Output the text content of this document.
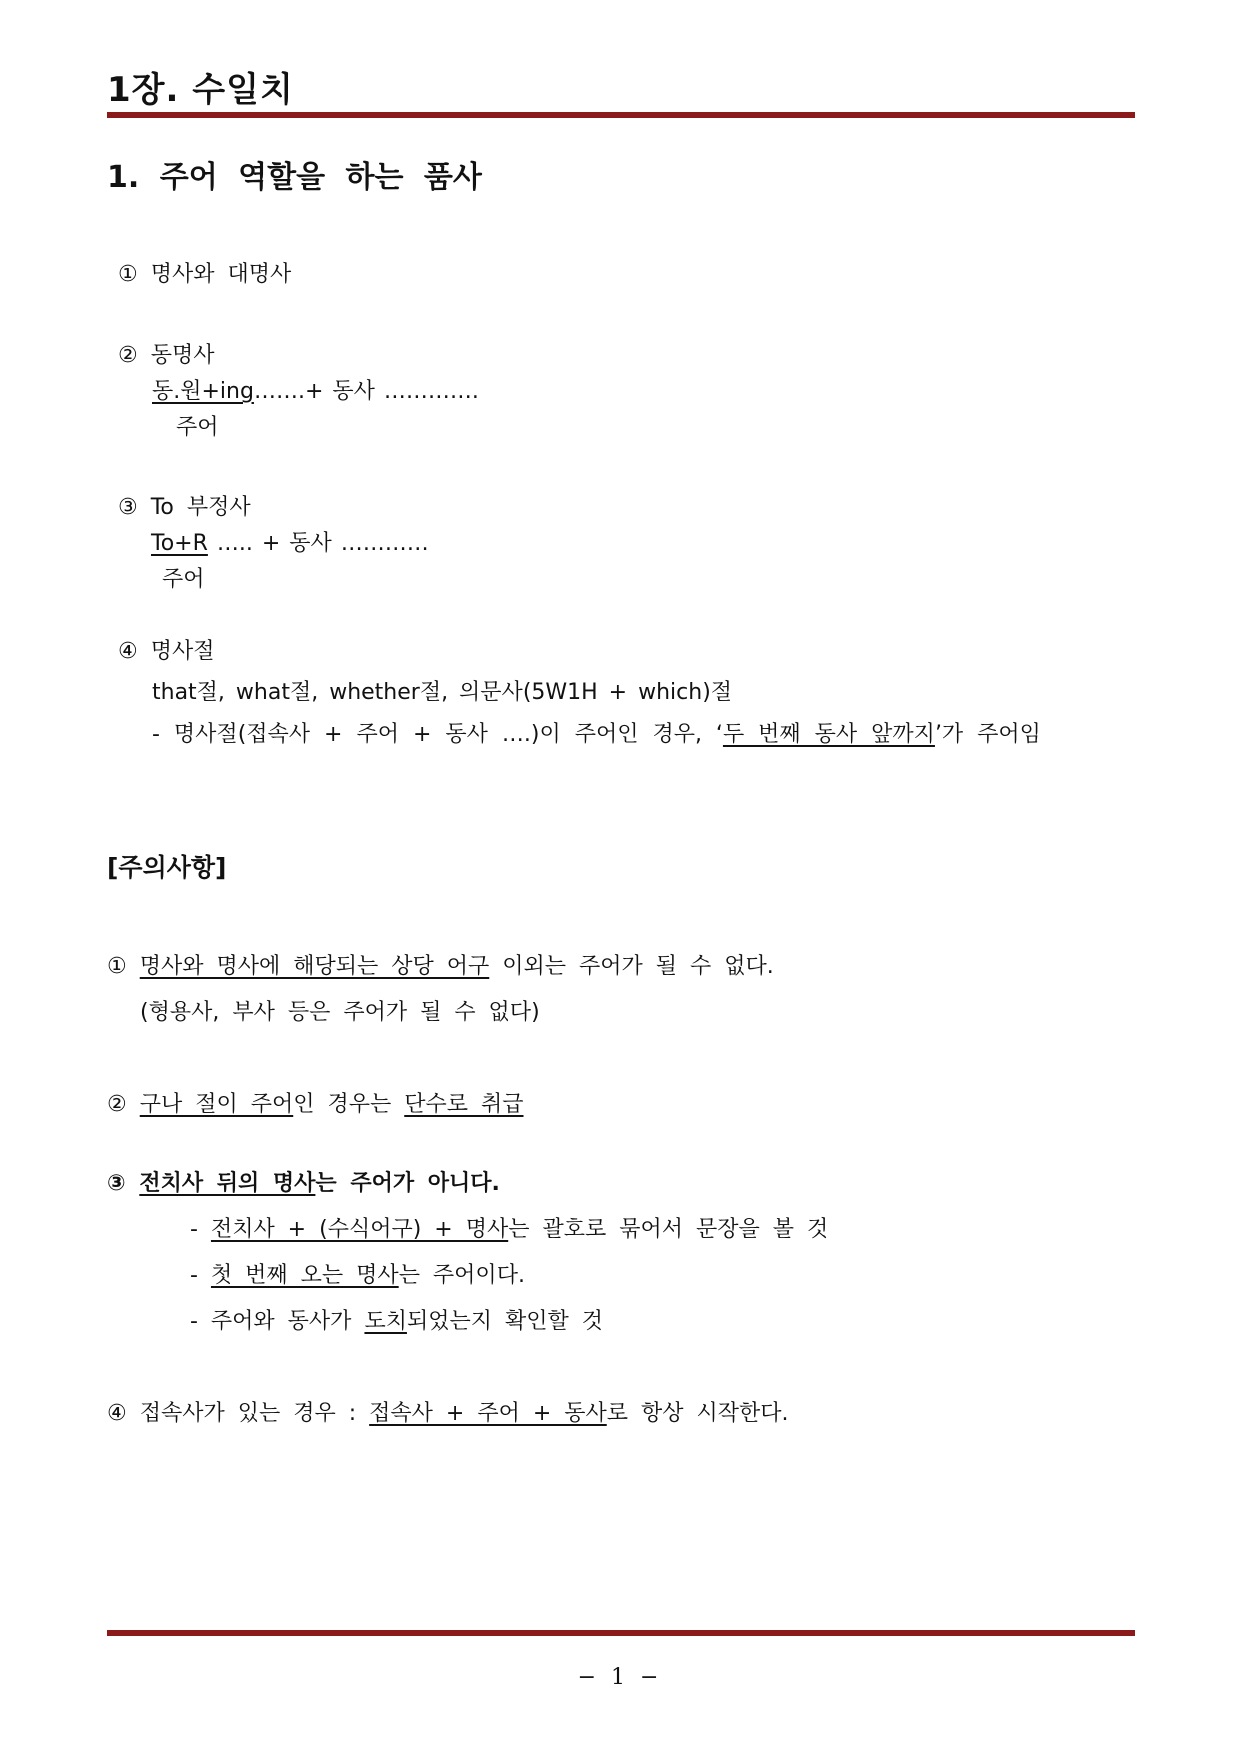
1장. 수일치
1. 주어 역할을 하는 품사
① 명사와 대명사
② 동명사
동.원+ing…….+ 동사 ………….
주어
③ To 부정사
To+R ….. + 동사 …………
주어
④ 명사절
that절, what절, whether절, 의문사(5W1H + which)절
- 명사절(접속사 + 주어 + 동사 ….)이 주어인 경우, ‘두 번째 동사 앞까지’가 주어임
[주의사항]
① 명사와 명사에 해당되는 상당 어구 이외는 주어가 될 수 없다.
(형용사, 부사 등은 주어가 될 수 없다)
② 구나 절이 주어인 경우는 단수로 취급
③ 전치사 뒤의 명사는 주어가 아니다.
- 전치사 + (수식어구) + 명사는 괄호로 묶어서 문장을 볼 것
- 첫 번째 오는 명사는 주어이다.
- 주어와 동사가 도치되었는지 확인할 것
④ 접속사가 있는 경우 : 접속사 + 주어 + 동사로 항상 시작한다.
− 1 −
